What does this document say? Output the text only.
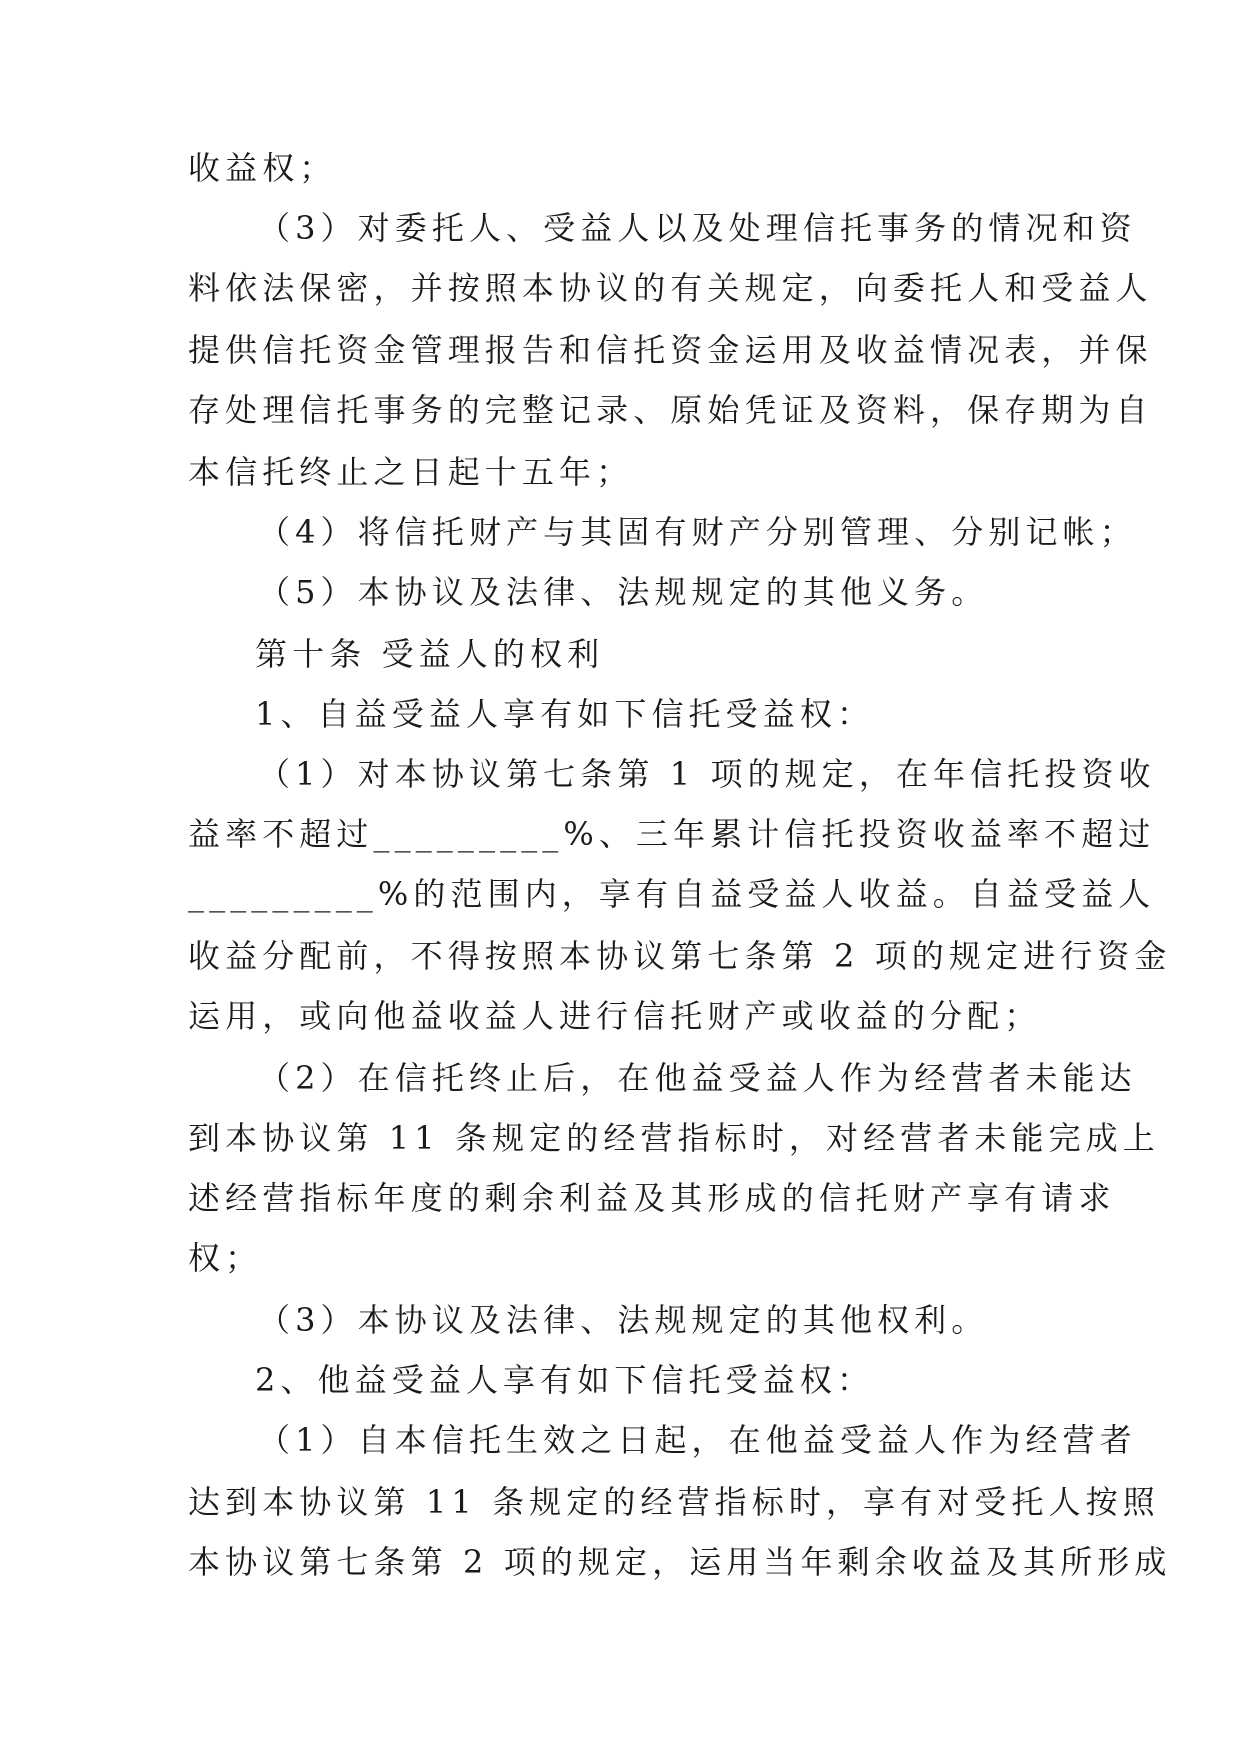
收益权；
（3）对委托人、受益人以及处理信托事务的情况和资
料依法保密，并按照本协议的有关规定，向委托人和受益人
提供信托资金管理报告和信托资金运用及收益情况表，并保
存处理信托事务的完整记录、原始凭证及资料，保存期为自
本信托终止之日起十五年；
（4）将信托财产与其固有财产分别管理、分别记帐；
（5）本协议及法律、法规规定的其他义务。
第十条 受益人的权利
1、自益受益人享有如下信托受益权：
（1）对本协议第七条第 1 项的规定，在年信托投资收
益率不超过_________%、三年累计信托投资收益率不超过
_________%的范围内，享有自益受益人收益。自益受益人
收益分配前，不得按照本协议第七条第 2 项的规定进行资金
运用，或向他益收益人进行信托财产或收益的分配；
（2）在信托终止后，在他益受益人作为经营者未能达
到本协议第 11 条规定的经营指标时，对经营者未能完成上
述经营指标年度的剩余利益及其形成的信托财产享有请求
权；
（3）本协议及法律、法规规定的其他权利。
2、他益受益人享有如下信托受益权：
（1）自本信托生效之日起，在他益受益人作为经营者
达到本协议第 11 条规定的经营指标时，享有对受托人按照
本协议第七条第 2 项的规定，运用当年剩余收益及其所形成
